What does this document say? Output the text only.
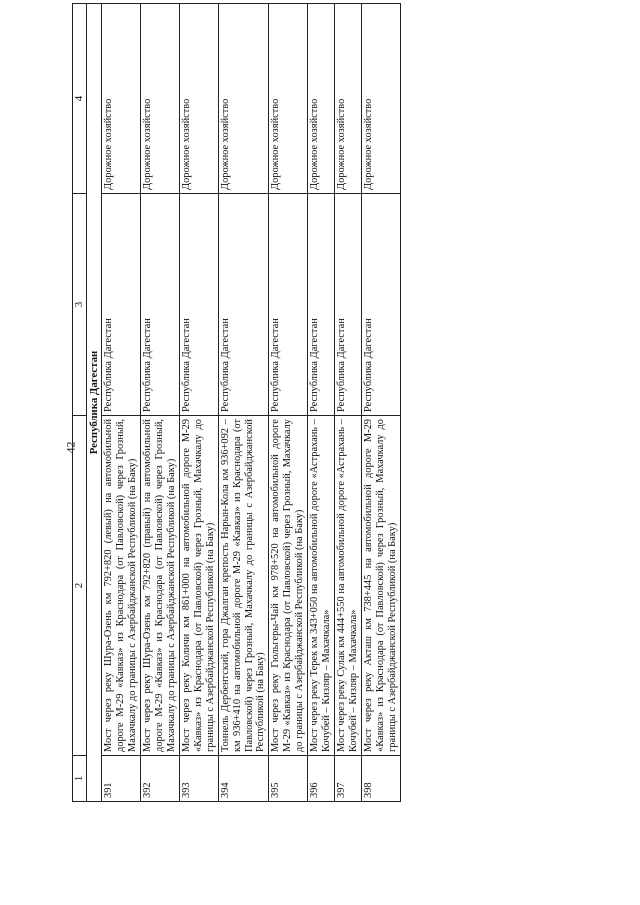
42
1	2	3	4
Республика Дагестан			
391	Мост через реку Шура-Озень км 792+820 (левый) на автомобильной дороге М-29 «Кавказ» из Краснодара (от Павловской) через Грозный, Махачкалу до границы с Азербайджанской Республикой (на Баку)	Республика Дагестан	Дорожное хозяйство
392	Мост через реку Шура-Озень км 792+820 (правый) на автомобильной дороге М-29 «Кавказ» из Краснодара (от Павловской) через Грозный, Махачкалу до границы с Азербайджанской Республикой (на Баку)	Республика Дагестан	Дорожное хозяйство
393	Мост через реку Количи км 861+000 на автомобильной дороге М-29 «Кавказ» из Краснодара (от Павловской) через Грозный, Махачкалу до границы с Азербайджанской Республикой (на Баку)	Республика Дагестан	Дорожное хозяйство
394	Тоннель Дербентский, гора Джалган крепость Нарын-Кола км 936+092 – км 936+410 на автомобильной дороге М-29 «Кавказ» из Краснодара (от Павловской) через Грозный, Махачкалу до границы с Азербайджанской Республикой (на Баку)	Республика Дагестан	Дорожное хозяйство
395	Мост через реку Гюльгеры-Чай км 978+520 на автомобильной дороге М-29 «Кавказ» из Краснодара (от Павловской) через Грозный, Махачкалу до границы с Азербайджанской Республикой (на Баку)	Республика Дагестан	Дорожное хозяйство
396	Мост через реку Терек км 343+050 на автомобильной дороге «Астрахань – Кочубей – Кизляр – Махачкала»	Республика Дагестан	Дорожное хозяйство
397	Мост через реку Сулак км 444+550 на автомобильной дороге «Астрахань – Кочубей – Кизляр – Махачкала»	Республика Дагестан	Дорожное хозяйство
398	Мост через реку Акташ км 738+445 на автомобильной дороге М-29 «Кавказ» из Краснодара (от Павловской) через Грозный, Махачкалу до границы с Азербайджанской Республикой (на Баку)	Республика Дагестан	Дорожное хозяйство
